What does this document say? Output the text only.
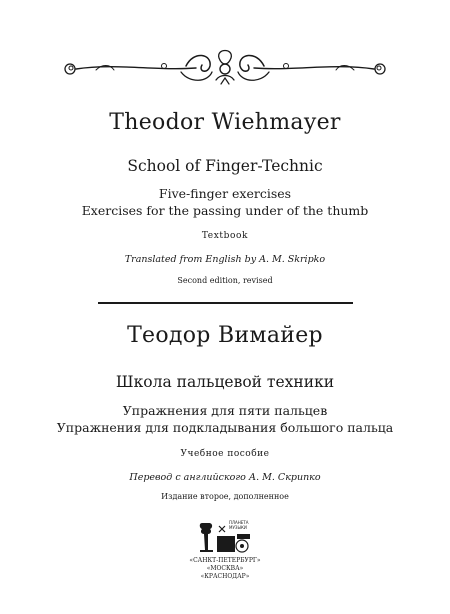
Theodor Wiehmayer
School of Finger-Technic
Five-finger exercises
Exercises for the passing under of the thumb
Textbook
Translated from English by A. M. Skripko
Second edition, revised
Теодор Вимайер
Школа пальцевой техники
Упражнения для пяти пальцев
Упражнения для подкладывания большого пальца
Учебное пособие
Перевод с английского А. М. Скрипко
Издание второе, дополненное
ПЛАНЕТА
МУЗЫКИ
«САНКТ-ПЕТЕРБУРГ»
«МОСКВА»
«КРАСНОДАР»
